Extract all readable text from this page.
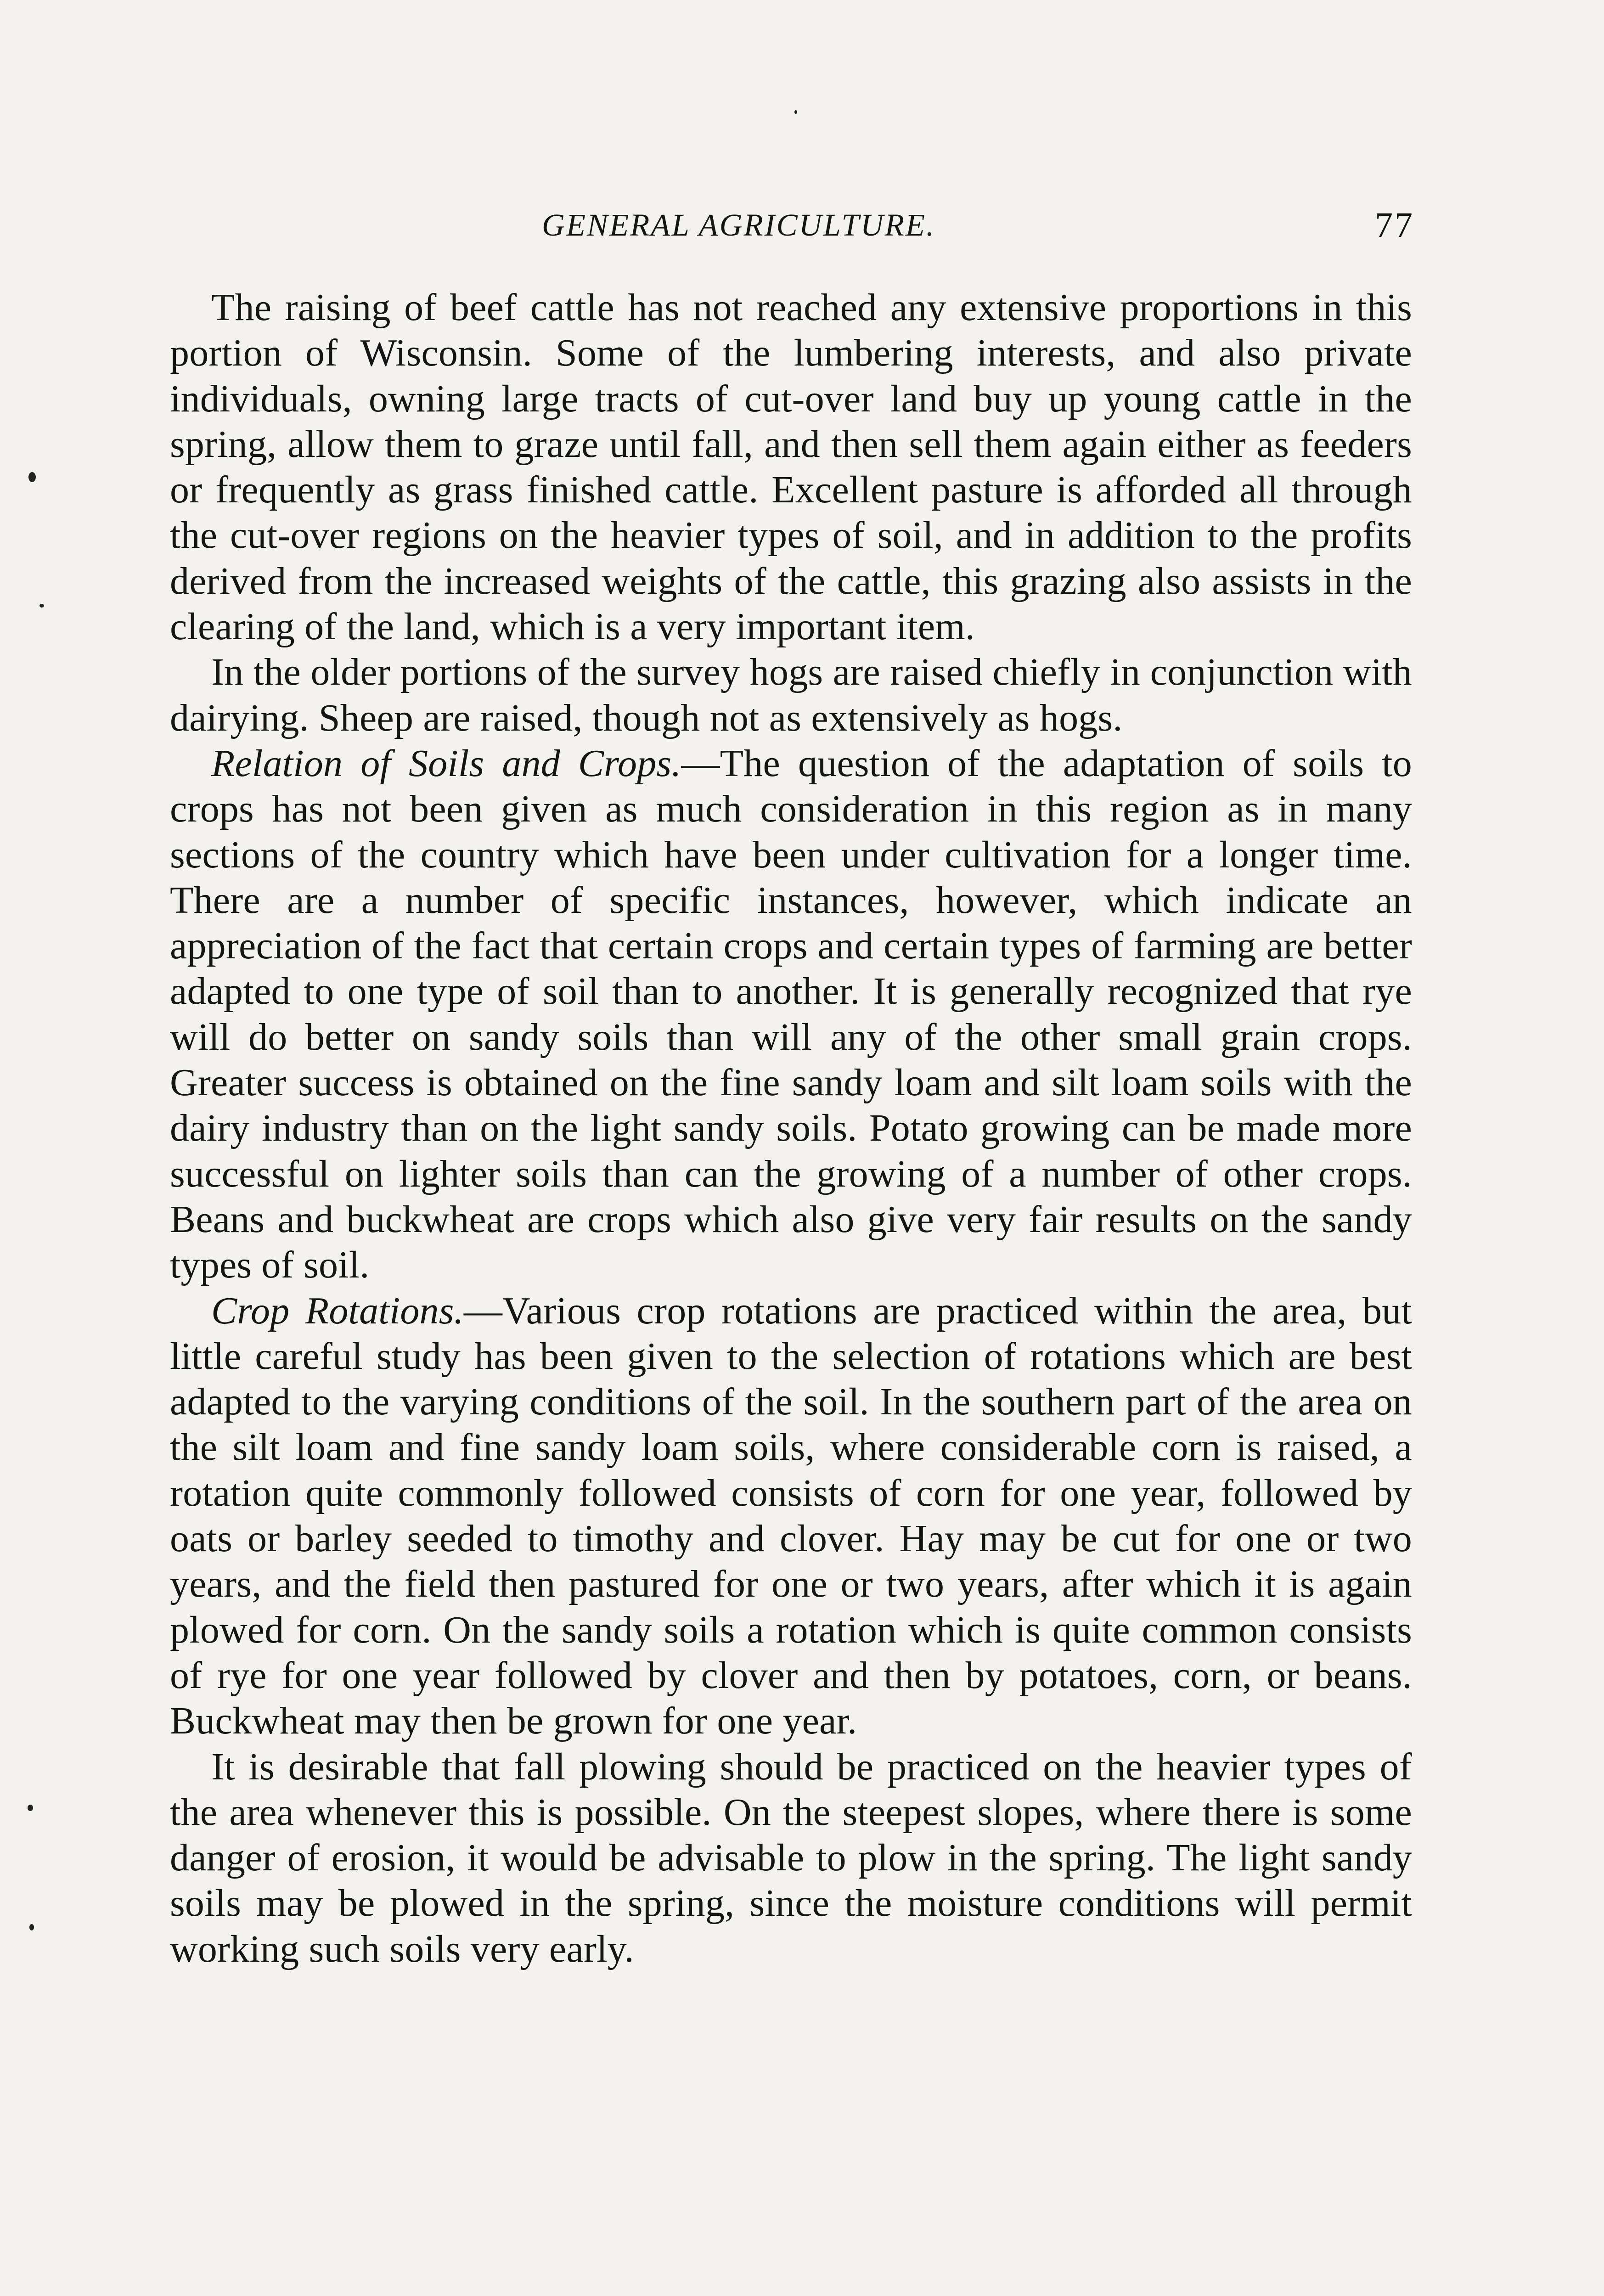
GENERAL AGRICULTURE.	77

The raising of beef cattle has not reached any extensive proportions in this portion of Wisconsin. Some of the lumbering interests, and also private individuals, owning large tracts of cut-over land buy up young cattle in the spring, allow them to graze until fall, and then sell them again either as feeders or frequently as grass finished cattle. Excellent pasture is afforded all through the cut-over regions on the heavier types of soil, and in addition to the profits derived from the increased weights of the cattle, this grazing also assists in the clearing of the land, which is a very important item.

In the older portions of the survey hogs are raised chiefly in conjunction with dairying. Sheep are raised, though not as extensively as hogs.

Relation of Soils and Crops.—The question of the adaptation of soils to crops has not been given as much consideration in this region as in many sections of the country which have been under cultivation for a longer time. There are a number of specific instances, however, which indicate an appreciation of the fact that certain crops and certain types of farming are better adapted to one type of soil than to another. It is generally recognized that rye will do better on sandy soils than will any of the other small grain crops. Greater success is obtained on the fine sandy loam and silt loam soils with the dairy industry than on the light sandy soils. Potato growing can be made more successful on lighter soils than can the growing of a number of other crops. Beans and buckwheat are crops which also give very fair results on the sandy types of soil.

Crop Rotations.—Various crop rotations are practiced within the area, but little careful study has been given to the selection of rotations which are best adapted to the varying conditions of the soil. In the southern part of the area on the silt loam and fine sandy loam soils, where considerable corn is raised, a rotation quite commonly followed consists of corn for one year, followed by oats or barley seeded to timothy and clover. Hay may be cut for one or two years, and the field then pastured for one or two years, after which it is again plowed for corn. On the sandy soils a rotation which is quite common consists of rye for one year followed by clover and then by potatoes, corn, or beans. Buckwheat may then be grown for one year.

It is desirable that fall plowing should be practiced on the heavier types of the area whenever this is possible. On the steepest slopes, where there is some danger of erosion, it would be advisable to plow in the spring. The light sandy soils may be plowed in the spring, since the moisture conditions will permit working such soils very early.
